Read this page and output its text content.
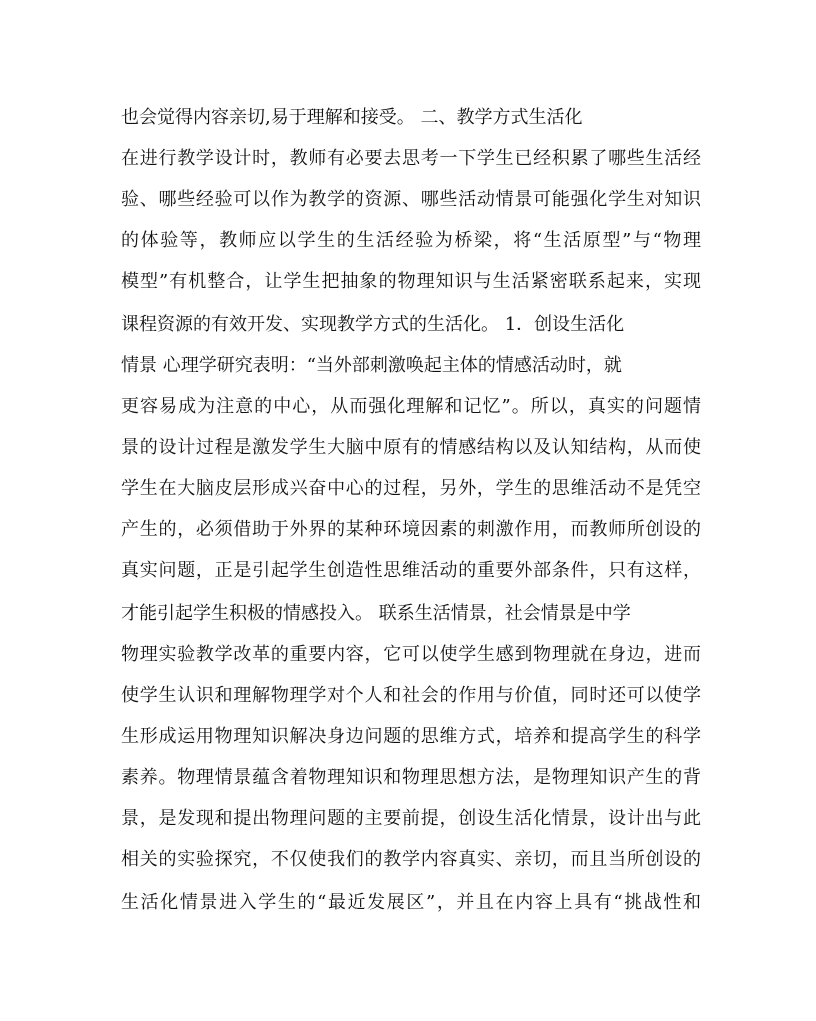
也会觉得内容亲切,易于理解和接受。 二、教学方式生活化
在进行教学设计时，教师有必要去思考一下学生已经积累了哪些生活经
验、哪些经验可以作为教学的资源、哪些活动情景可能强化学生对知识
的体验等，教师应以学生的生活经验为桥梁，将“生活原型”与“物理
模型”有机整合，让学生把抽象的物理知识与生活紧密联系起来，实现
课程资源的有效开发、实现教学方式的生活化。 1．创设生活化
情景 心理学研究表明：“当外部刺激唤起主体的情感活动时，就
更容易成为注意的中心，从而强化理解和记忆”。所以，真实的问题情
景的设计过程是激发学生大脑中原有的情感结构以及认知结构，从而使
学生在大脑皮层形成兴奋中心的过程，另外，学生的思维活动不是凭空
产生的，必须借助于外界的某种环境因素的刺激作用，而教师所创设的
真实问题，正是引起学生创造性思维活动的重要外部条件，只有这样，
才能引起学生积极的情感投入。 联系生活情景，社会情景是中学
物理实验教学改革的重要内容，它可以使学生感到物理就在身边，进而
使学生认识和理解物理学对个人和社会的作用与价值，同时还可以使学
生形成运用物理知识解决身边问题的思维方式，培养和提高学生的科学
素养。物理情景蕴含着物理知识和物理思想方法，是物理知识产生的背
景，是发现和提出物理问题的主要前提，创设生活化情景，设计出与此
相关的实验探究，不仅使我们的教学内容真实、亲切，而且当所创设的
生活化情景进入学生的“最近发展区”，并且在内容上具有“挑战性和
